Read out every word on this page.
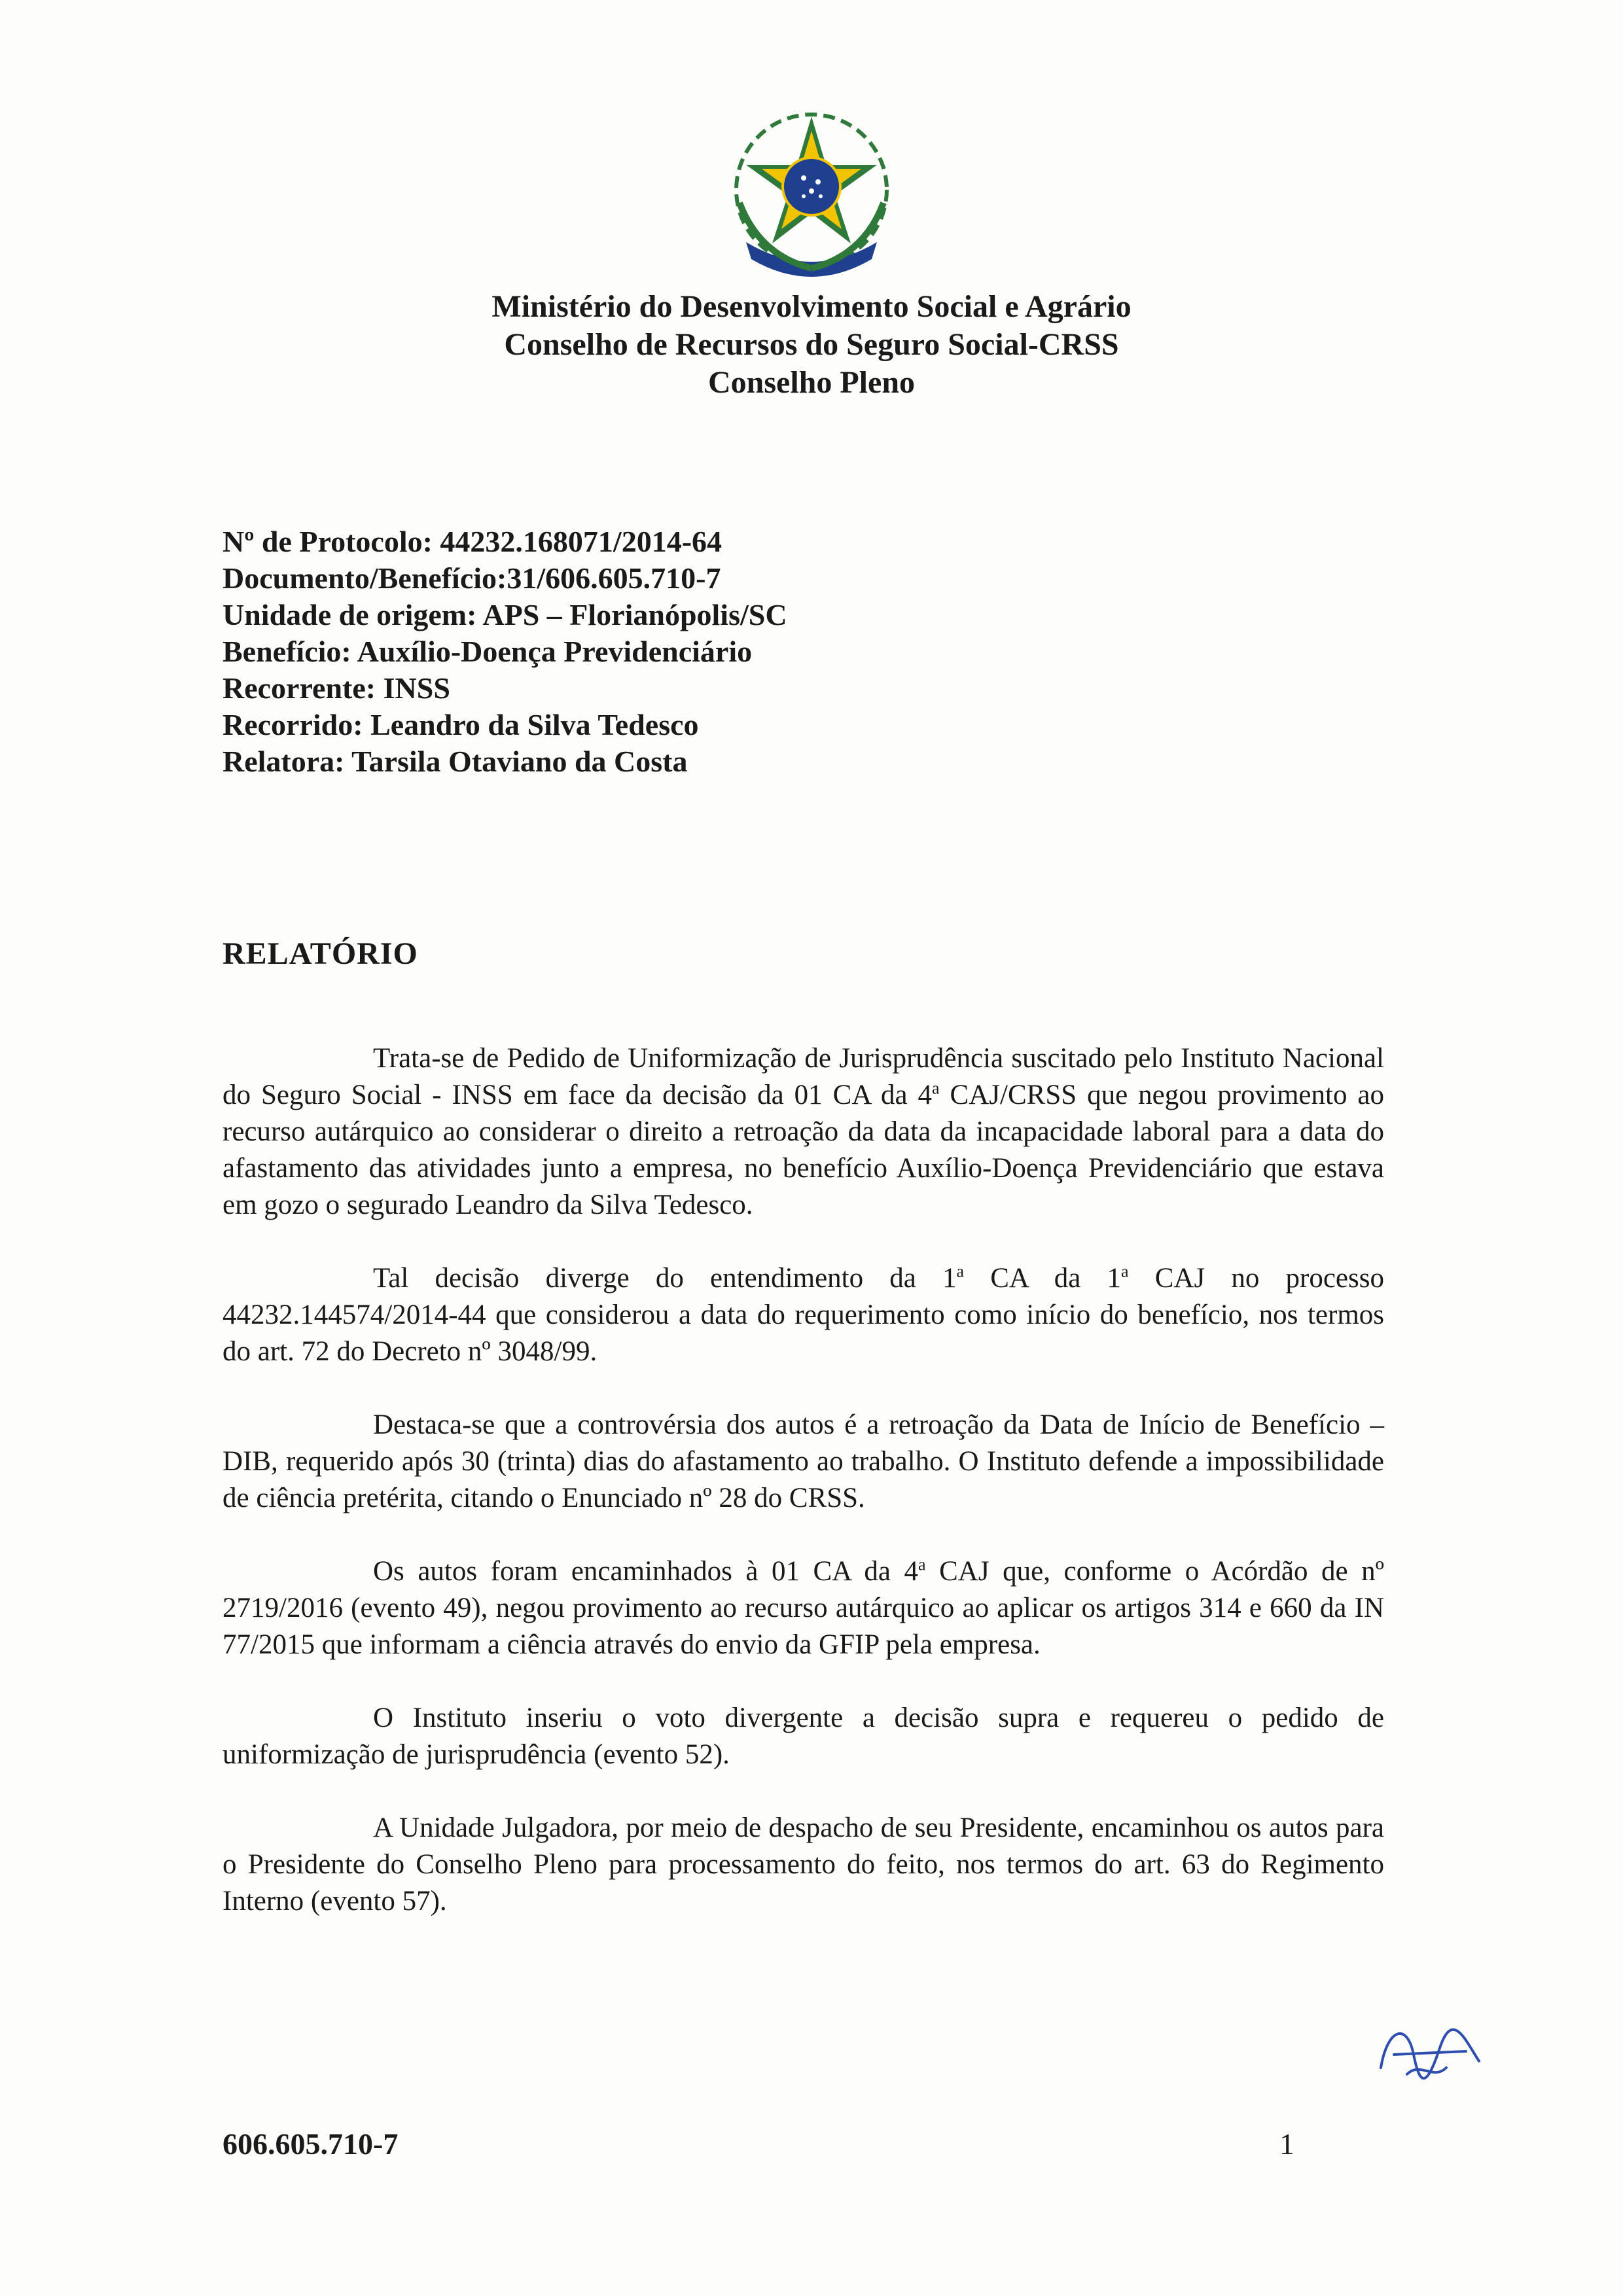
Ministério do Desenvolvimento Social e Agrário
Conselho de Recursos do Seguro Social-CRSS
Conselho Pleno
Nº de Protocolo: 44232.168071/2014-64
Documento/Benefício:31/606.605.710-7
Unidade de origem: APS – Florianópolis/SC
Benefício: Auxílio-Doença Previdenciário
Recorrente: INSS
Recorrido: Leandro da Silva Tedesco
Relatora: Tarsila Otaviano da Costa
RELATÓRIO

Trata-se de Pedido de Uniformização de Jurisprudência suscitado pelo Instituto Nacional do Seguro Social - INSS em face da decisão da 01 CA da 4$^a$ CAJ/CRSS que negou provimento ao recurso autárquico ao considerar o direito a retroação da data da incapacidade laboral para a data do afastamento das atividades junto a empresa, no benefício Auxílio-Doença Previdenciário que estava em gozo o segurado Leandro da Silva Tedesco.

Tal decisão diverge do entendimento da 1$^a$ CA da 1$^a$ CAJ no processo 44232.144574/2014-44 que considerou a data do requerimento como início do benefício, nos termos do art. 72 do Decreto nº 3048/99.

Destaca-se que a controvérsia dos autos é a retroação da Data de Início de Benefício – DIB, requerido após 30 (trinta) dias do afastamento ao trabalho. O Instituto defende a impossibilidade de ciência pretérita, citando o Enunciado nº 28 do CRSS.

Os autos foram encaminhados à 01 CA da 4$^a$ CAJ que, conforme o Acórdão de nº 2719/2016 (evento 49), negou provimento ao recurso autárquico ao aplicar os artigos 314 e 660 da IN 77/2015 que informam a ciência através do envio da GFIP pela empresa.

O Instituto inseriu o voto divergente a decisão supra e requereu o pedido de uniformização de jurisprudência (evento 52).

A Unidade Julgadora, por meio de despacho de seu Presidente, encaminhou os autos para o Presidente do Conselho Pleno para processamento do feito, nos termos do art. 63 do Regimento Interno (evento 57).

606.605.710-7	1
